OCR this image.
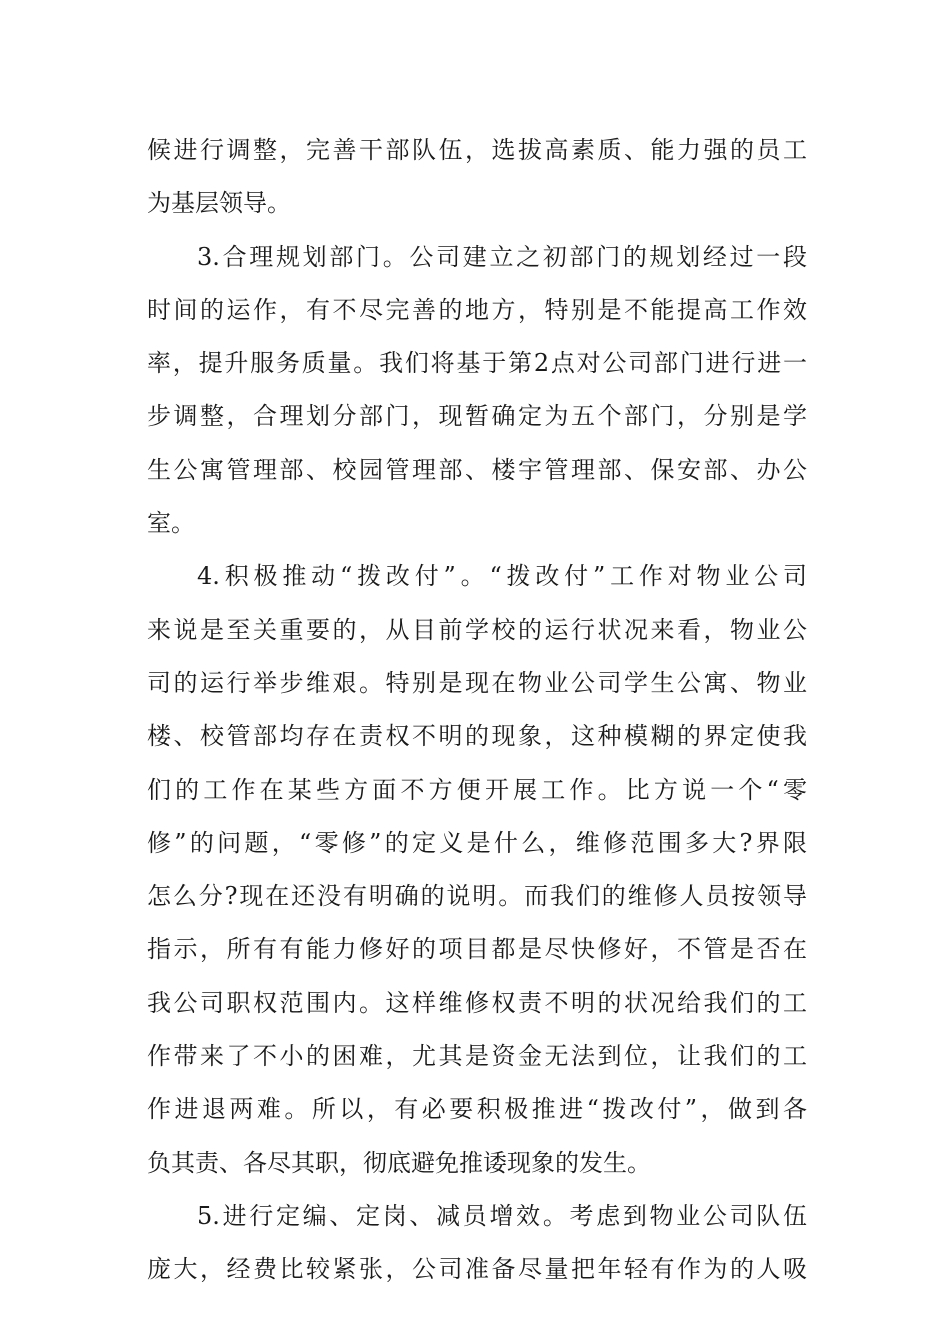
候进行调整，完善干部队伍，选拔高素质、能力强的员工
为基层领导。
3.合理规划部门。公司建立之初部门的规划经过一段
时间的运作，有不尽完善的地方，特别是不能提高工作效
率，提升服务质量。我们将基于第2点对公司部门进行进一
步调整，合理划分部门，现暂确定为五个部门，分别是学
生公寓管理部、校园管理部、楼宇管理部、保安部、办公
室。
4.积极推动“拨改付”。“拨改付”工作对物业公司
来说是至关重要的，从目前学校的运行状况来看，物业公
司的运行举步维艰。特别是现在物业公司学生公寓、物业
楼、校管部均存在责权不明的现象，这种模糊的界定使我
们的工作在某些方面不方便开展工作。比方说一个“零
修”的问题，“零修”的定义是什么，维修范围多大?界限
怎么分?现在还没有明确的说明。而我们的维修人员按领导
指示，所有有能力修好的项目都是尽快修好，不管是否在
我公司职权范围内。这样维修权责不明的状况给我们的工
作带来了不小的困难，尤其是资金无法到位，让我们的工
作进退两难。所以，有必要积极推进“拨改付”，做到各
负其责、各尽其职，彻底避免推诿现象的发生。
5.进行定编、定岗、减员增效。考虑到物业公司队伍
庞大，经费比较紧张，公司准备尽量把年轻有作为的人吸
